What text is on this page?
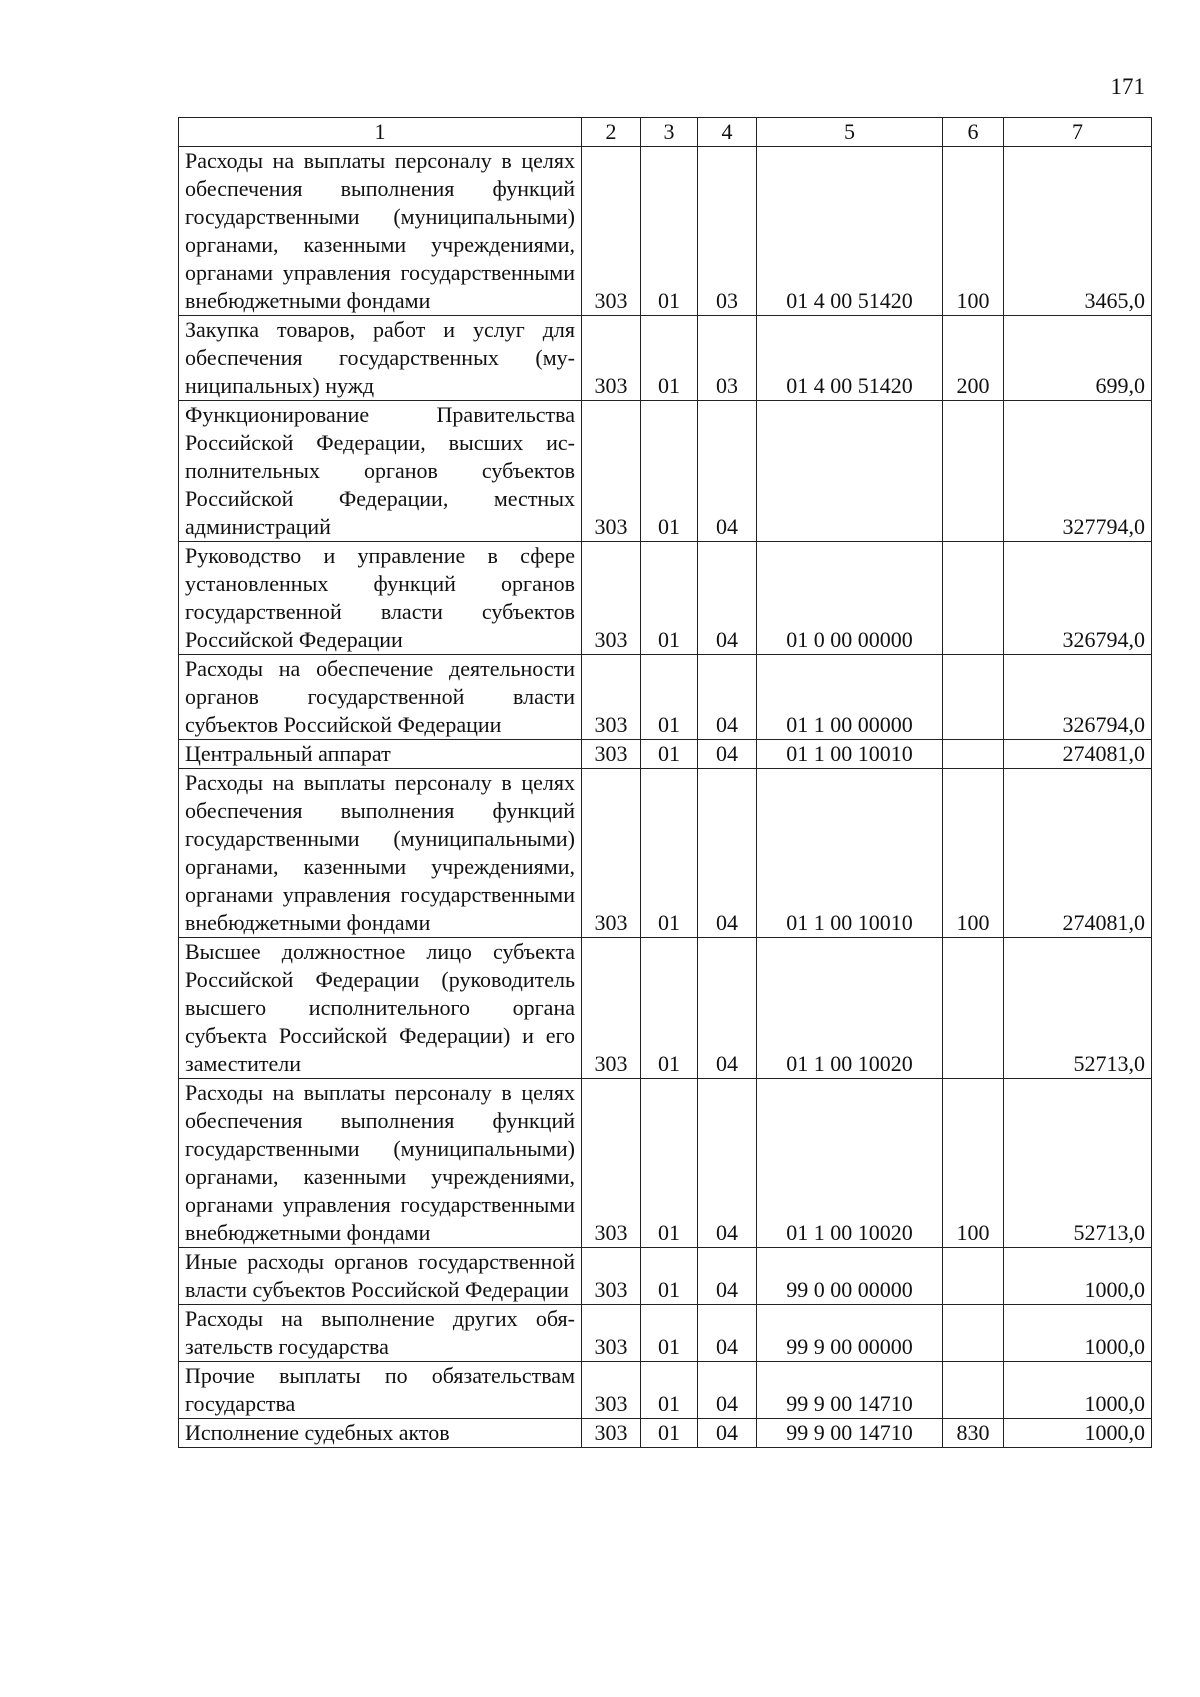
171
1	2	3	4	5	6	7
Расходы на выплаты персоналу в целях обеспечения выполнения функций государственными (муниципальными) органами, казенными учреждениями, органами управления государственными внебюджетными фондами	303	01	03	01 4 00 51420	100	3465,0
Закупка товаров, работ и услуг для обеспечения государственных (муниципальных) нужд	303	01	03	01 4 00 51420	200	699,0
Функционирование Правительства Российской Федерации, высших исполнительных органов субъектов Российской Федерации, местных администраций	303	01	04			327794,0
Руководство и управление в сфере установленных функций органов государственной власти субъектов Российской Федерации	303	01	04	01 0 00 00000		326794,0
Расходы на обеспечение деятельности органов государственной власти субъектов Российской Федерации	303	01	04	01 1 00 00000		326794,0
Центральный аппарат	303	01	04	01 1 00 10010		274081,0
Расходы на выплаты персоналу в целях обеспечения выполнения функций государственными (муниципальными) органами, казенными учреждениями, органами управления государственными внебюджетными фондами	303	01	04	01 1 00 10010	100	274081,0
Высшее должностное лицо субъекта Российской Федерации (руководитель высшего исполнительного органа субъекта Российской Федерации) и его заместители	303	01	04	01 1 00 10020		52713,0
Расходы на выплаты персоналу в целях обеспечения выполнения функций государственными (муниципальными) органами, казенными учреждениями, органами управления государственными внебюджетными фондами	303	01	04	01 1 00 10020	100	52713,0
Иные расходы органов государственной власти субъектов Российской Федерации	303	01	04	99 0 00 00000		1000,0
Расходы на выполнение других обязательств государства	303	01	04	99 9 00 00000		1000,0
Прочие выплаты по обязательствам государства	303	01	04	99 9 00 14710		1000,0
Исполнение судебных актов	303	01	04	99 9 00 14710	830	1000,0
